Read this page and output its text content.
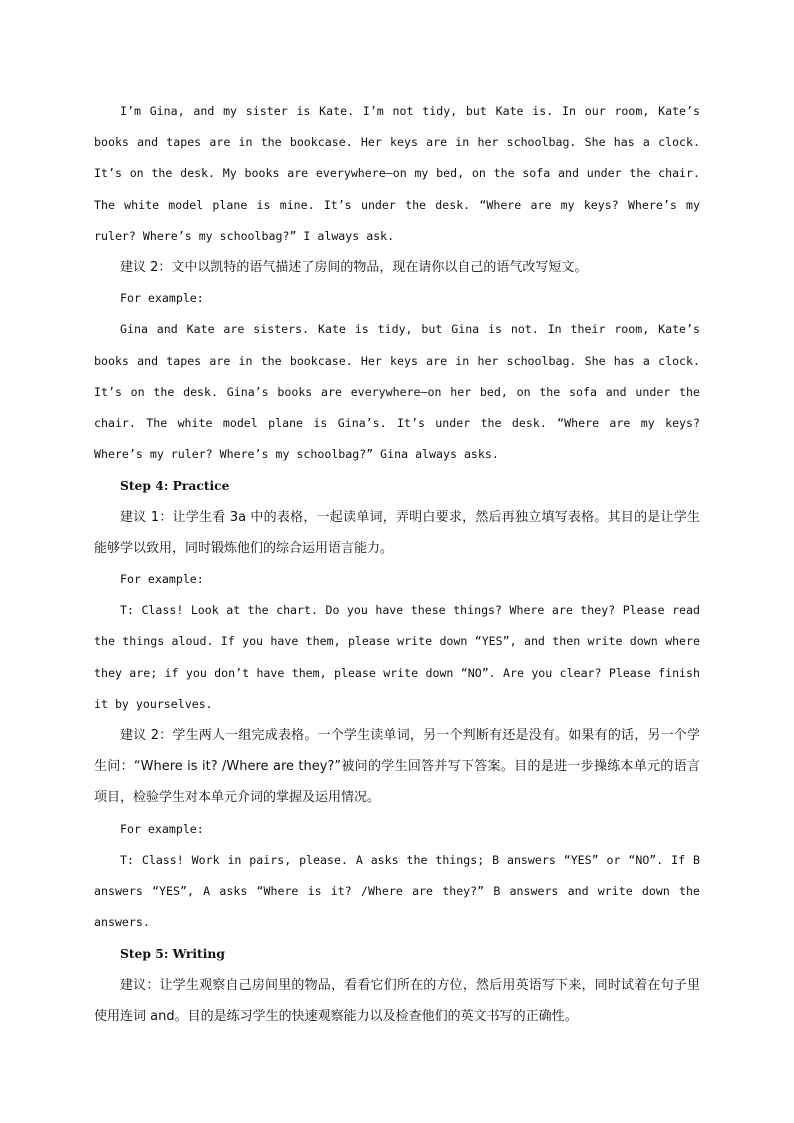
I’m Gina, and my sister is Kate. I’m not tidy, but Kate is. In our room, Kate’s books and tapes are in the bookcase. Her keys are in her schoolbag. She has a clock. It’s on the desk. My books are everywhere—on my bed, on the sofa and under the chair. The white model plane is mine. It’s under the desk. “Where are my keys? Where’s my ruler? Where’s my schoolbag?” I always ask.

建议 2：文中以凯特的语气描述了房间的物品，现在请你以自己的语气改写短文。

For example:

Gina and Kate are sisters. Kate is tidy, but Gina is not. In their room, Kate’s books and tapes are in the bookcase. Her keys are in her schoolbag. She has a clock. It’s on the desk. Gina’s books are everywhere—on her bed, on the sofa and under the chair. The white model plane is Gina’s. It’s under the desk. “Where are my keys? Where’s my ruler? Where’s my schoolbag?” Gina always asks.

Step 4: Practice

建议 1：让学生看 3a 中的表格，一起读单词，弄明白要求，然后再独立填写表格。其目的是让学生能够学以致用，同时锻炼他们的综合运用语言能力。

For example:

T: Class! Look at the chart. Do you have these things? Where are they? Please read the things aloud. If you have them, please write down “YES”, and then write down where they are; if you don’t have them, please write down “NO”. Are you clear? Please finish it by yourselves.

建议 2：学生两人一组完成表格。一个学生读单词，另一个判断有还是没有。如果有的话，另一个学生问：“Where is it? /Where are they?”被问的学生回答并写下答案。目的是进一步操练本单元的语言项目，检验学生对本单元介词的掌握及运用情况。

For example:

T: Class! Work in pairs, please. A asks the things; B answers “YES” or “NO”. If B answers “YES”, A asks “Where is it? /Where are they?” B answers and write down the answers.

Step 5: Writing

建议：让学生观察自己房间里的物品，看看它们所在的方位，然后用英语写下来，同时试着在句子里使用连词 and。目的是练习学生的快速观察能力以及检查他们的英文书写的正确性。
